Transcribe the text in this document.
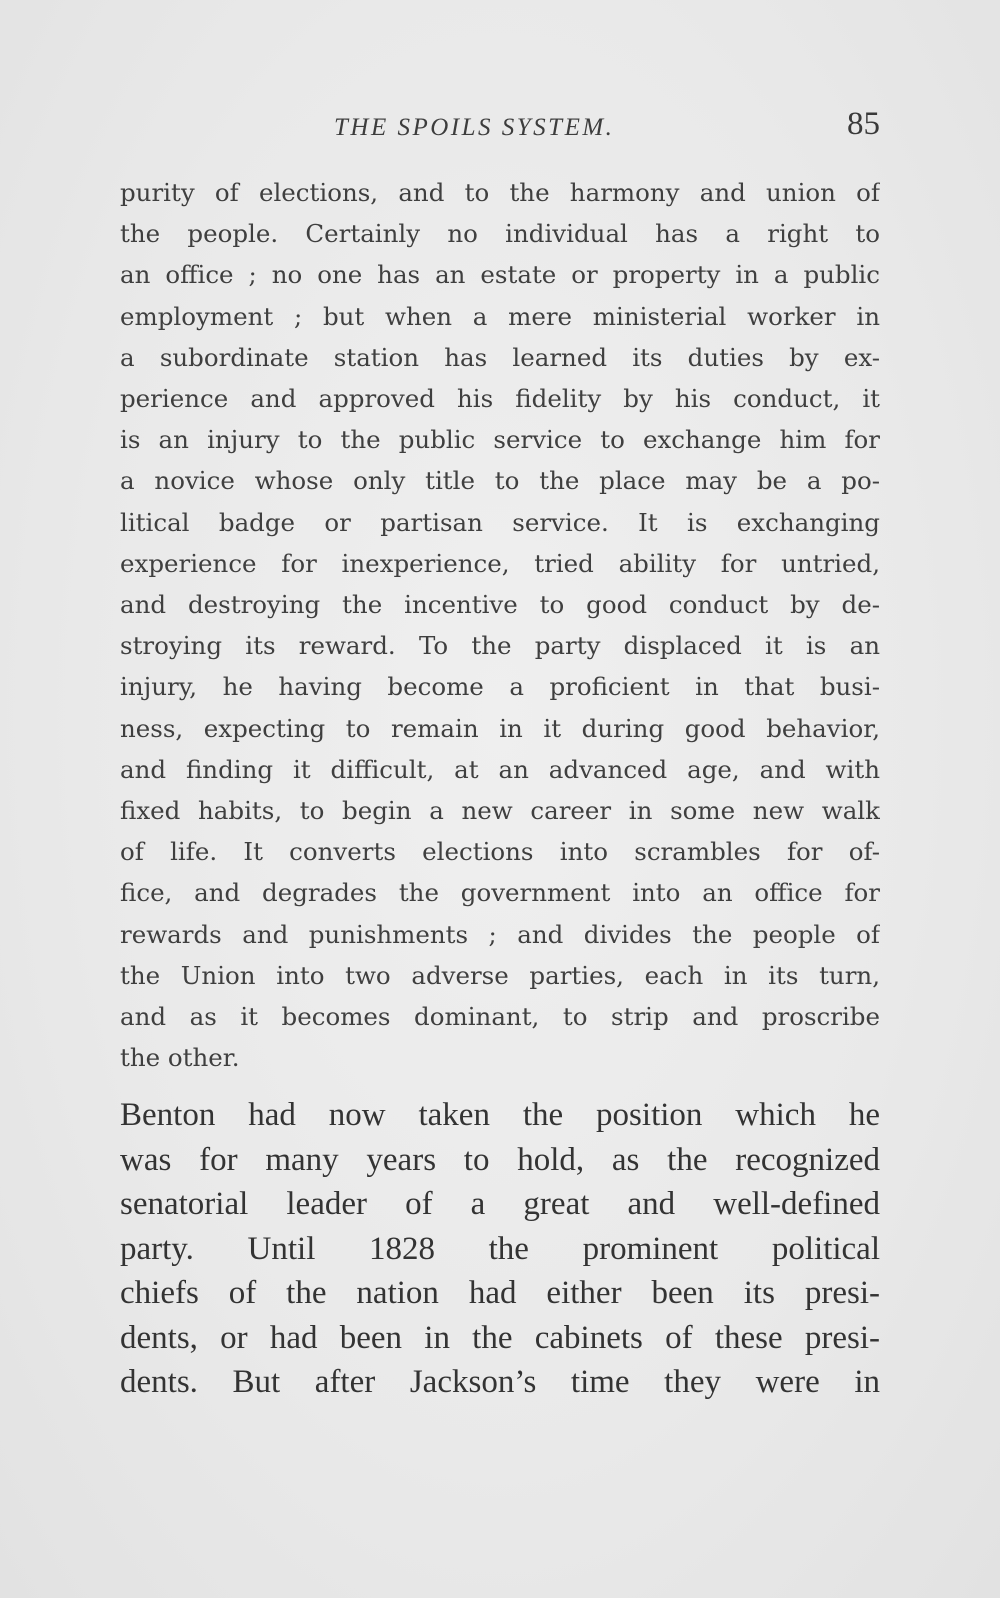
THE SPOILS SYSTEM.	85
purity of elections, and to the harmony and union of
the people. Certainly no individual has a right to
an office ; no one has an estate or property in a public
employment ; but when a mere ministerial worker in
a subordinate station has learned its duties by ex-
perience and approved his fidelity by his conduct, it
is an injury to the public service to exchange him for
a novice whose only title to the place may be a po-
litical badge or partisan service. It is exchanging
experience for inexperience, tried ability for untried,
and destroying the incentive to good conduct by de-
stroying its reward. To the party displaced it is an
injury, he having become a proficient in that busi-
ness, expecting to remain in it during good behavior,
and finding it difficult, at an advanced age, and with
fixed habits, to begin a new career in some new walk
of life. It converts elections into scrambles for of-
fice, and degrades the government into an office for
rewards and punishments ; and divides the people of
the Union into two adverse parties, each in its turn,
and as it becomes dominant, to strip and proscribe
the other.
Benton had now taken the position which he
was for many years to hold, as the recognized
senatorial leader of a great and well-defined
party. Until 1828 the prominent political
chiefs of the nation had either been its presi-
dents, or had been in the cabinets of these presi-
dents. But after Jackson’s time they were in
